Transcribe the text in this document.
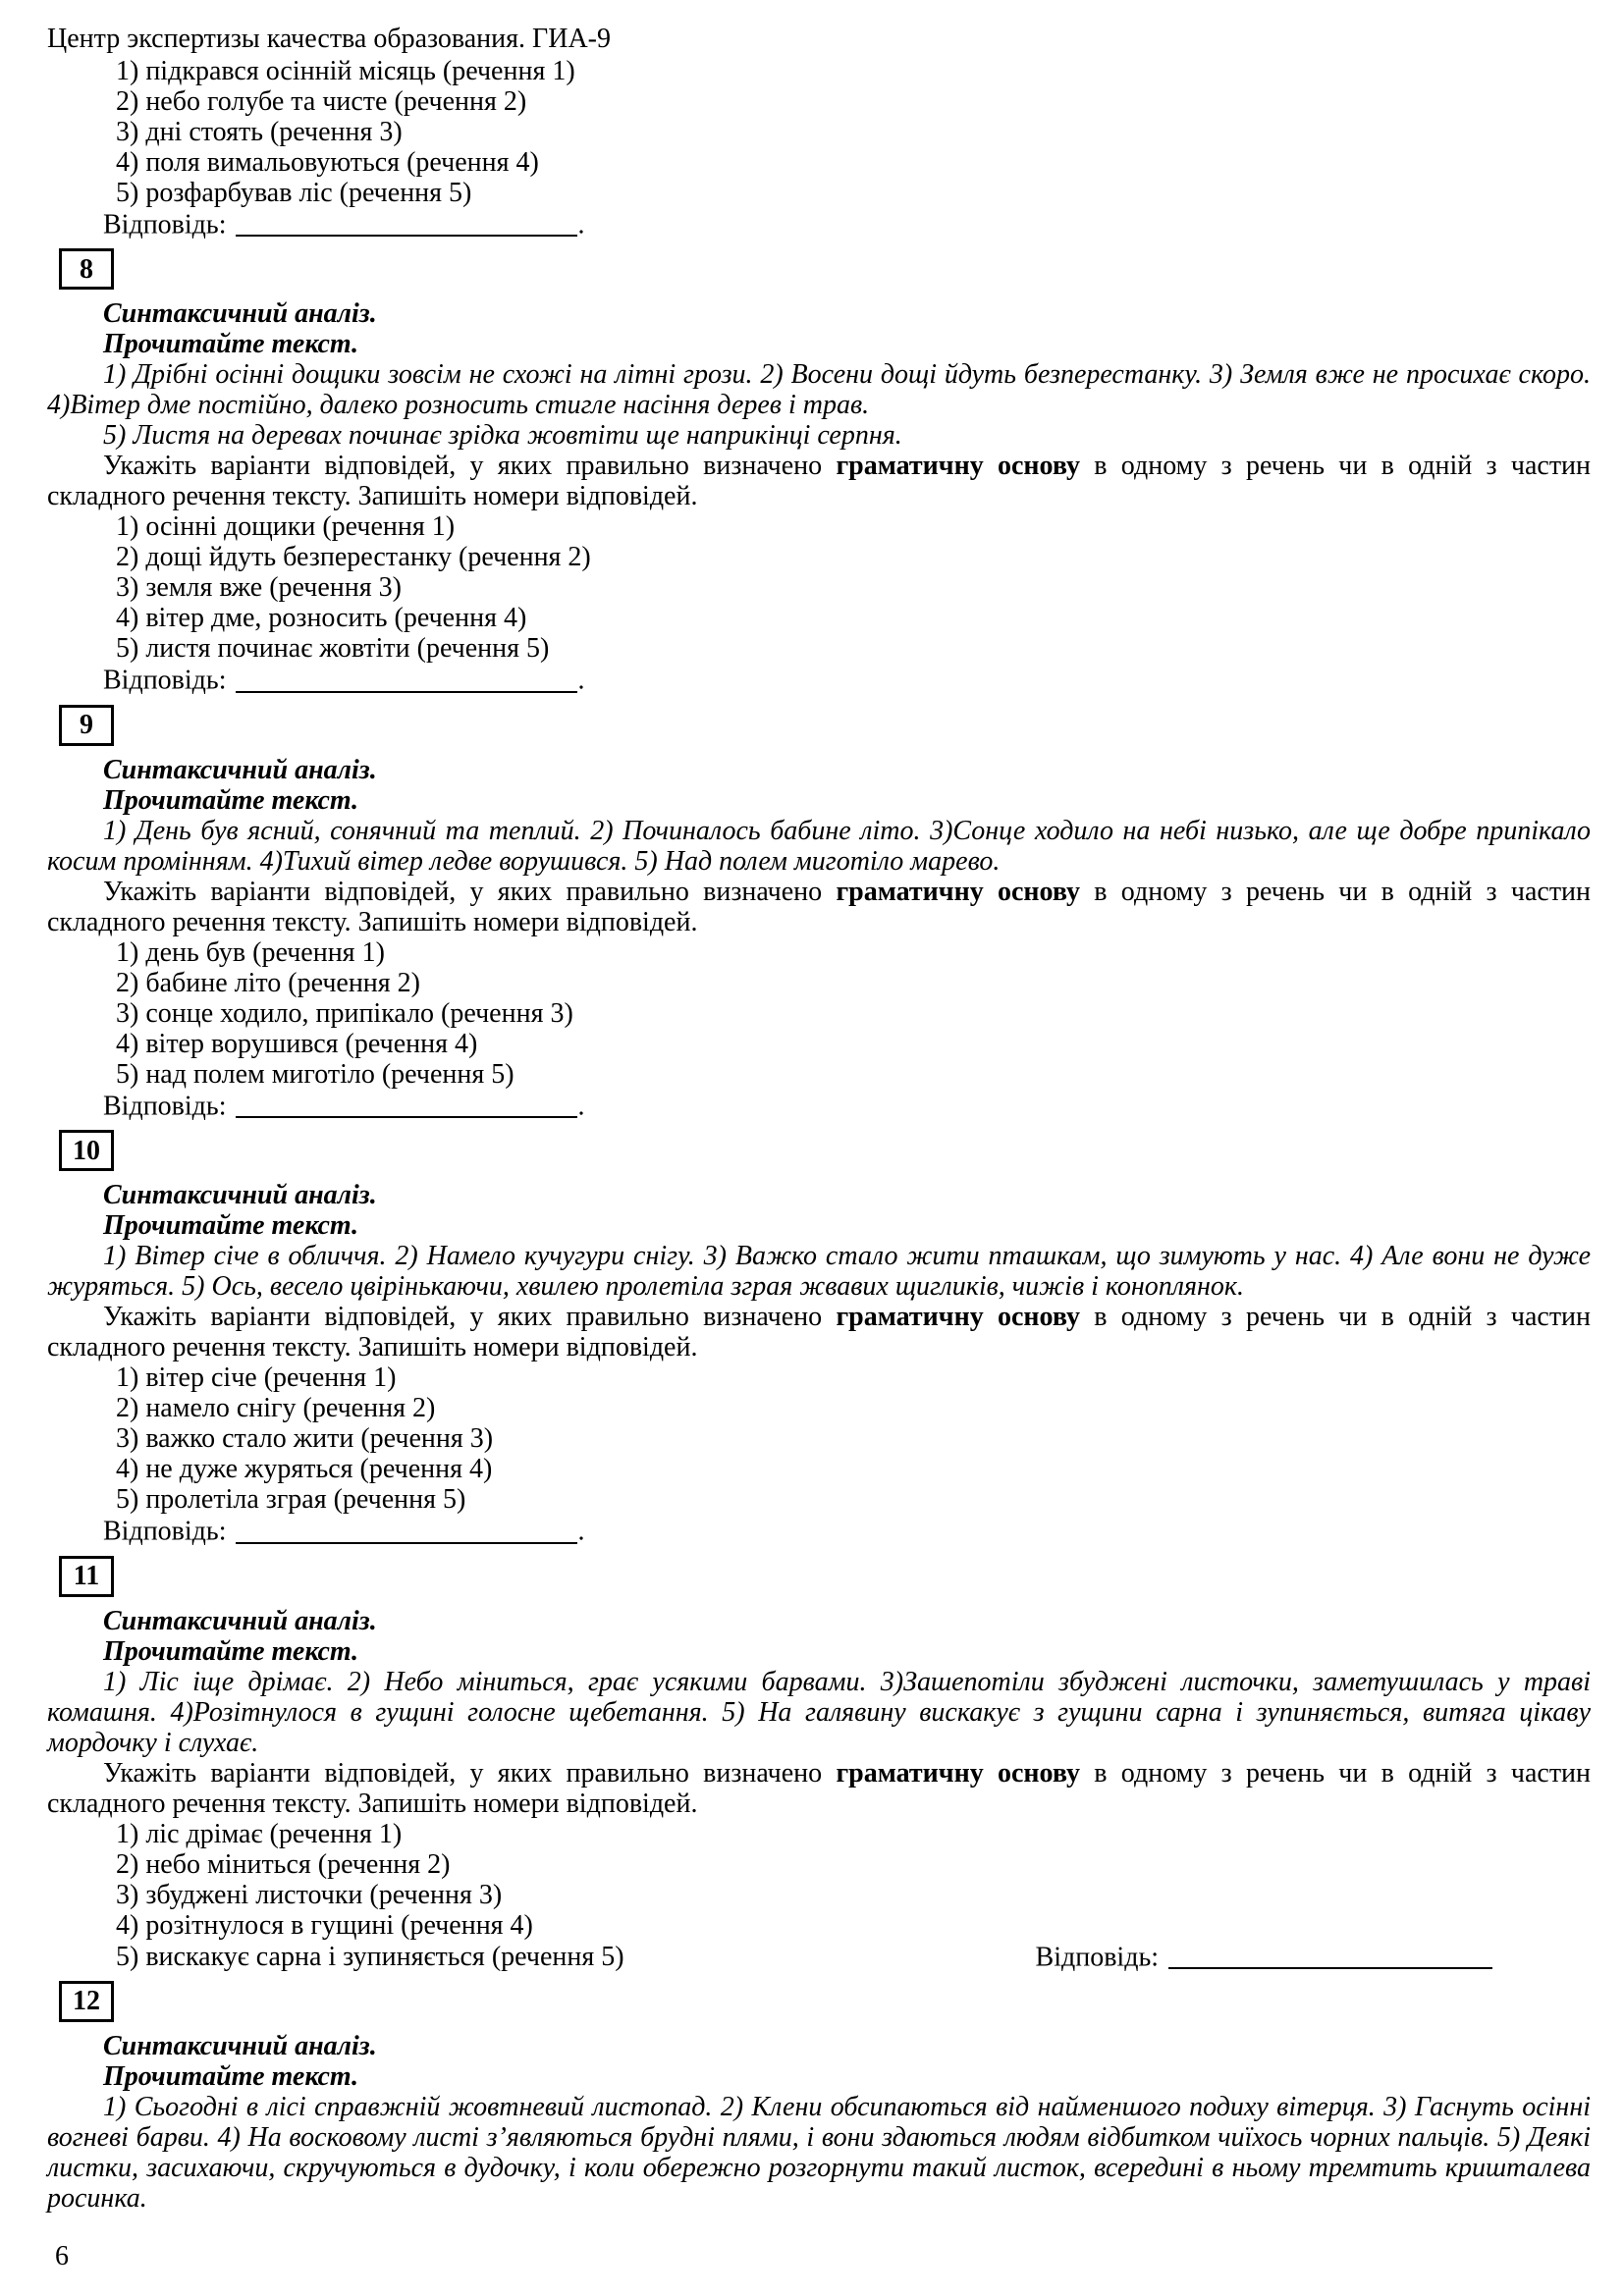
Центр экспертизы качества образования. ГИА-9

1) підкрався осінній місяць (речення 1)

2) небо голубе та чисте (речення 2)

3) дні стоять (речення 3)

4) поля вимальовуються (речення 4)

5) розфарбував ліс (речення 5)

Відповідь:	.

8

Синтаксичний аналіз.

Прочитайте текст.

1) Дрібні осінні дощики зовсім не схожі на літні грози. 2) Восени дощі йдуть безперестанку. 3) Земля вже не просихає скоро. 4)Вітер дме постійно, далеко розносить стигле насіння дерев і трав.

5) Листя на деревах починає зрідка жовтіти ще наприкінці серпня.

Укажіть варіанти відповідей, у яких правильно визначено граматичну основу в одному з речень чи в одній з частин складного речення тексту. Запишіть номери відповідей.

1) осінні дощики (речення 1)

2) дощі йдуть безперестанку (речення 2)

3) земля вже (речення 3)

4) вітер дме, розносить (речення 4)

5) листя починає жовтіти (речення 5)

Відповідь:	.

9

Синтаксичний аналіз.

Прочитайте текст.

1) День був ясний, сонячний та теплий. 2) Починалось бабине літо. 3)Сонце ходило на небі низько, але ще добре припікало косим промінням. 4)Тихий вітер ледве ворушився. 5) Над полем миготіло марево.

Укажіть варіанти відповідей, у яких правильно визначено граматичну основу в одному з речень чи в одній з частин складного речення тексту. Запишіть номери відповідей.

1) день був (речення 1)

2) бабине літо (речення 2)

3) сонце ходило, припікало (речення 3)

4) вітер ворушився (речення 4)

5) над полем миготіло (речення 5)

Відповідь:	.

10

Синтаксичний аналіз.

Прочитайте текст.

1) Вітер січе в обличчя. 2) Намело кучугури снігу. 3) Важко стало жити пташкам, що зимують у нас. 4) Але вони не дуже журяться. 5) Ось, весело цвірінькаючи, хвилею пролетіла зграя жвавих щигликів, чижів і коноплянок.

Укажіть варіанти відповідей, у яких правильно визначено граматичну основу в одному з речень чи в одній з частин складного речення тексту. Запишіть номери відповідей.

1) вітер січе (речення 1)

2) намело снігу (речення 2)

3) важко стало жити (речення 3)

4) не дуже журяться (речення 4)

5) пролетіла зграя (речення 5)

Відповідь:	.

11

Синтаксичний аналіз.

Прочитайте текст.

1) Ліс іще дрімає. 2) Небо міниться, грає усякими барвами. 3)Зашепотіли збуджені листочки, заметушилась у траві комашня. 4)Розітнулося в гущині голосне щебетання. 5) На галявину вискакує з гущини сарна і зупиняється, витяга цікаву мордочку і слухає.

Укажіть варіанти відповідей, у яких правильно визначено граматичну основу в одному з речень чи в одній з частин складного речення тексту. Запишіть номери відповідей.

1) ліс дрімає (речення 1)

2) небо міниться (речення 2)

3) збуджені листочки (речення 3)

4) розітнулося в гущині (речення 4)

5) вискакує сарна і зупиняється (речення 5)	Відповідь:
12

Синтаксичний аналіз.

Прочитайте текст.

1) Сьогодні в лісі справжній жовтневий листопад. 2) Клени обсипаються від найменшого подиху вітерця. 3) Гаснуть осінні вогневі барви. 4) На восковому листі з’являються брудні плями, і вони здаються людям відбитком чиїхось чорних пальців. 5) Деякі листки, засихаючи, скручуються в дудочку, і коли обережно розгорнути такий листок, всередині в ньому тремтить кришталева росинка.

6
